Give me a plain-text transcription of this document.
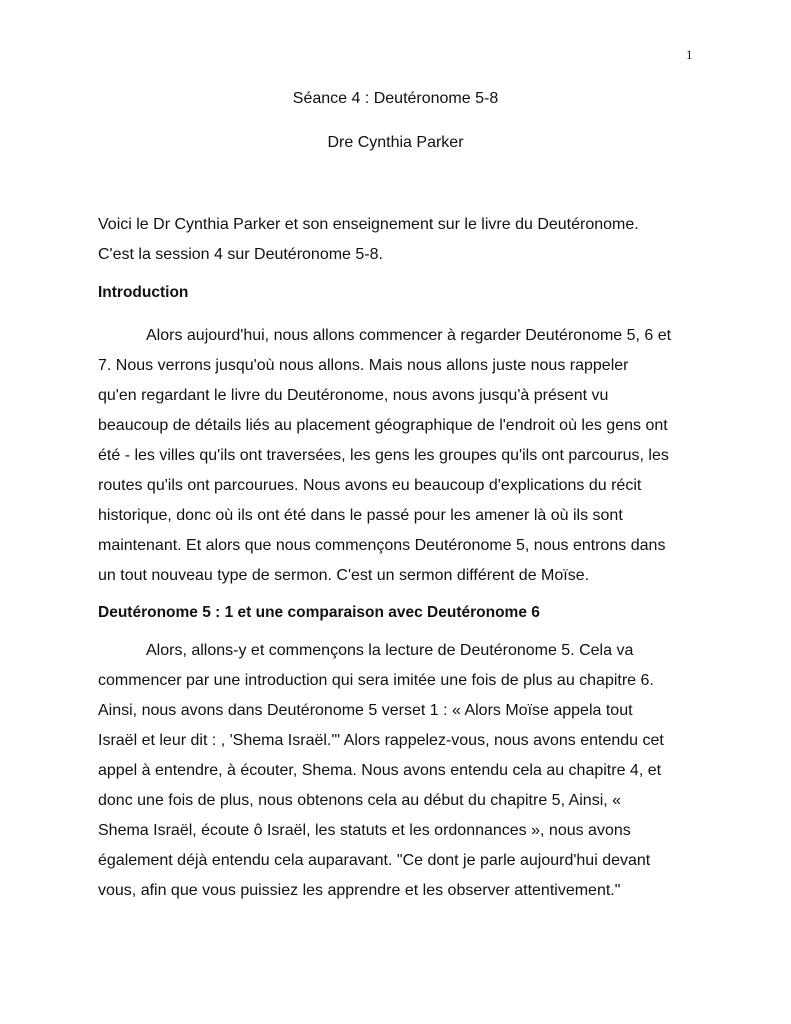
1
Séance 4 : Deutéronome 5-8
Dre Cynthia Parker

Voici le Dr Cynthia Parker et son enseignement sur le livre du Deutéronome.

C'est la session 4 sur Deutéronome 5-8.

Introduction

Alors aujourd'hui, nous allons commencer à regarder Deutéronome 5, 6 et

7. Nous verrons jusqu'où nous allons. Mais nous allons juste nous rappeler

qu'en regardant le livre du Deutéronome, nous avons jusqu'à présent vu

beaucoup de détails liés au placement géographique de l'endroit où les gens ont

été - les villes qu'ils ont traversées, les gens les groupes qu'ils ont parcourus, les

routes qu'ils ont parcourues. Nous avons eu beaucoup d'explications du récit

historique, donc où ils ont été dans le passé pour les amener là où ils sont

maintenant. Et alors que nous commençons Deutéronome 5, nous entrons dans

un tout nouveau type de sermon. C'est un sermon différent de Moïse.

Deutéronome 5 : 1 et une comparaison avec Deutéronome 6

Alors, allons-y et commençons la lecture de Deutéronome 5. Cela va

commencer par une introduction qui sera imitée une fois de plus au chapitre 6.

Ainsi, nous avons dans Deutéronome 5 verset 1 : « Alors Moïse appela tout

Israël et leur dit : , 'Shema Israël.'" Alors rappelez-vous, nous avons entendu cet

appel à entendre, à écouter, Shema. Nous avons entendu cela au chapitre 4, et

donc une fois de plus, nous obtenons cela au début du chapitre 5, Ainsi, «

Shema Israël, écoute ô Israël, les statuts et les ordonnances », nous avons

également déjà entendu cela auparavant. "Ce dont je parle aujourd'hui devant

vous, afin que vous puissiez les apprendre et les observer attentivement."
